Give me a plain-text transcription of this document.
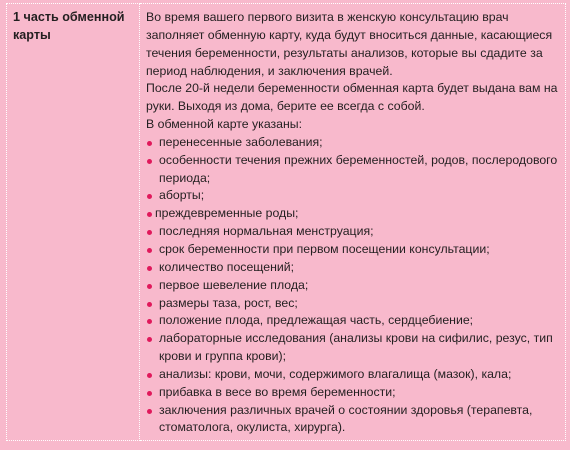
1 часть обменной карты	

Во время вашего первого визита в женскую консультацию врач заполняет обменную карту, куда будут вноситься данные, касающиеся течения беременности, результаты анализов, которые вы сдадите за период наблюдения, и заключения врачей.

После 20-й недели беременности обменная карта будет выдана вам на руки. Выходя из дома, берите ее всегда с собой.

В обменной карте указаны:

перенесенные заболевания;
особенности течения прежних беременностей, родов, послеродового периода;
аборты;
преждевременные роды;
последняя нормальная менструация;
срок беременности при первом посещении консультации;
количество посещений;
первое шевеление плода;
размеры таза, рост, вес;
положение плода, предлежащая часть, сердцебиение;
лабораторные исследования (анализы крови на сифилис, резус, тип крови и группа крови);
анализы: крови, мочи, содержимого влагалища (мазок), кала;
прибавка в весе во время беременности;
заключения различных врачей о состоянии здоровья (терапевта, стоматолога, окулиста, хирурга).
